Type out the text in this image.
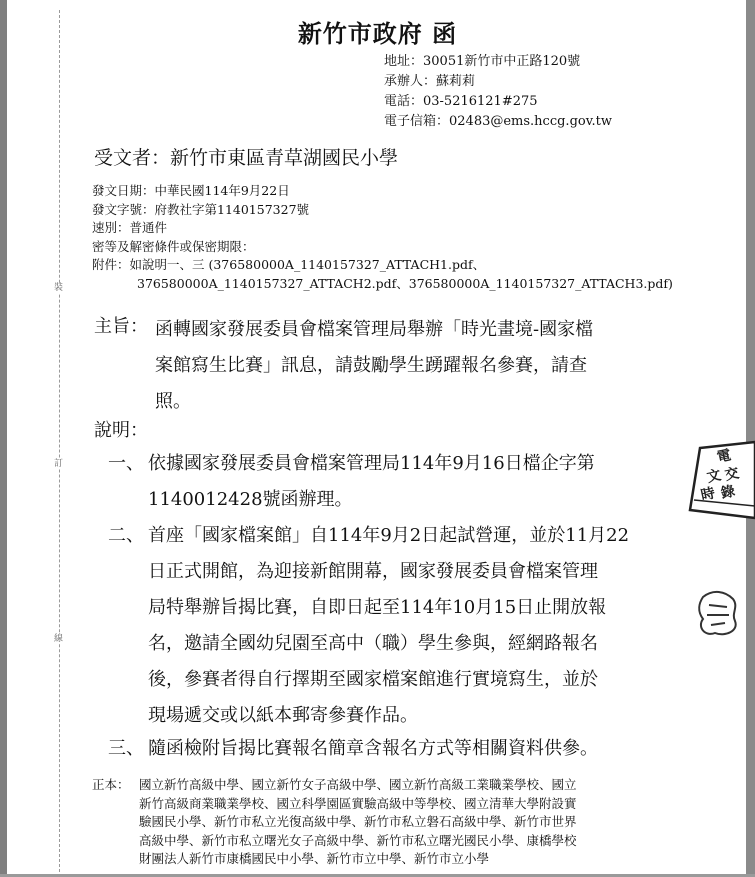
裝
訂
線
新竹市政府 函
地址：30051新竹市中正路120號
承辦人：蘇莉莉
電話：03-5216121#275
電子信箱：02483@ems.hccg.gov.tw
受文者：新竹市東區青草湖國民小學
發文日期：中華民國114年9月22日
發文字號：府教社字第1140157327號
速別：普通件
密等及解密條件或保密期限：
附件：如說明一、三 (376580000A_1140157327_ATTACH1.pdf、
376580000A_1140157327_ATTACH2.pdf、376580000A_1140157327_ATTACH3.pdf)
主旨： 函轉國家發展委員會檔案管理局舉辦「時光畫境-國家檔
案館寫生比賽」訊息，請鼓勵學生踴躍報名參賽，請查
照。
說明：
一、 依據國家發展委員會檔案管理局114年9月16日檔企字第
1140012428號函辦理。
二、 首座「國家檔案館」自114年9月2日起試營運，並於11月22
日正式開館，為迎接新館開幕，國家發展委員會檔案管理
局特舉辦旨揭比賽，自即日起至114年10月15日止開放報
名，邀請全國幼兒園至高中（職）學生參與，經網路報名
後，參賽者得自行擇期至國家檔案館進行實境寫生，並於
現場遞交或以紙本郵寄參賽作品。
三、 隨函檢附旨揭比賽報名簡章含報名方式等相關資料供參。
正本： 國立新竹高級中學、國立新竹女子高級中學、國立新竹高級工業職業學校、國立
新竹高級商業職業學校、國立科學園區實驗高級中等學校、國立清華大學附設實
驗國民小學、新竹市私立光復高級中學、新竹市私立磐石高級中學、新竹市世界
高級中學、新竹市私立曙光女子高級中學、新竹市私立曙光國民小學、康橋學校
財團法人新竹市康橋國民中小學、新竹市立中學、新竹市立小學
電
文 交
時 錄
